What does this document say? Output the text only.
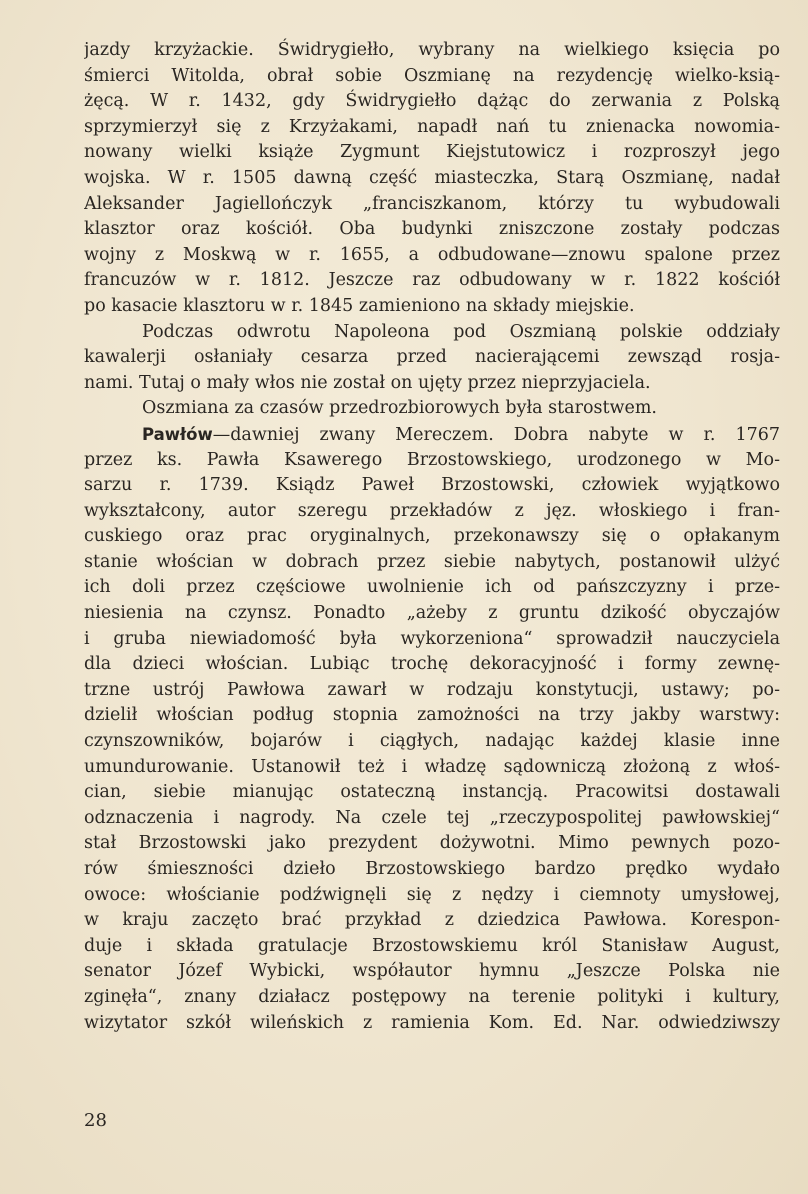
jazdy krzyżackie. Świdrygiełło, wybrany na wielkiego księcia po
śmierci Witolda, obrał sobie Oszmianę na rezydencję wielko-ksią-
żęcą. W r. 1432, gdy Świdrygiełło dążąc do zerwania z Polską
sprzymierzył się z Krzyżakami, napadł nań tu znienacka nowomia-
nowany wielki książe Zygmunt Kiejstutowicz i rozproszył jego
wojska. W r. 1505 dawną część miasteczka, Starą Oszmianę, nadał
Aleksander Jagiellończyk „franciszkanom, którzy tu wybudowali
klasztor oraz kościół. Oba budynki zniszczone zostały podczas
wojny z Moskwą w r. 1655, a odbudowane—znowu spalone przez
francuzów w r. 1812. Jeszcze raz odbudowany w r. 1822 kościół
po kasacie klasztoru w r. 1845 zamieniono na składy miejskie.
Podczas odwrotu Napoleona pod Oszmianą polskie oddziały
kawalerji osłaniały cesarza przed nacierającemi zewsząd rosja-
nami. Tutaj o mały włos nie został on ujęty przez nieprzyjaciela.
Oszmiana za czasów przedrozbiorowych była starostwem.
Pawłów—dawniej zwany Mereczem. Dobra nabyte w r. 1767
przez ks. Pawła Ksawerego Brzostowskiego, urodzonego w Mo-
sarzu r. 1739. Ksiądz Paweł Brzostowski, człowiek wyjątkowo
wykształcony, autor szeregu przekładów z jęz. włoskiego i fran-
cuskiego oraz prac oryginalnych, przekonawszy się o opłakanym
stanie włościan w dobrach przez siebie nabytych, postanowił ulżyć
ich doli przez częściowe uwolnienie ich od pańszczyzny i prze-
niesienia na czynsz. Ponadto „ażeby z gruntu dzikość obyczajów
i gruba niewiadomość była wykorzeniona“ sprowadził nauczyciela
dla dzieci włościan. Lubiąc trochę dekoracyjność i formy zewnę-
trzne ustrój Pawłowa zawarł w rodzaju konstytucji, ustawy; po-
dzielił włościan podług stopnia zamożności na trzy jakby warstwy:
czynszowników, bojarów i ciągłych, nadając każdej klasie inne
umundurowanie. Ustanowił też i władzę sądowniczą złożoną z włoś-
cian, siebie mianując ostateczną instancją. Pracowitsi dostawali
odznaczenia i nagrody. Na czele tej „rzeczypospolitej pawłowskiej“
stał Brzostowski jako prezydent dożywotni. Mimo pewnych pozo-
rów śmieszności dzieło Brzostowskiego bardzo prędko wydało
owoce: włościanie podźwignęli się z nędzy i ciemnoty umysłowej,
w kraju zaczęto brać przykład z dziedzica Pawłowa. Korespon-
duje i składa gratulacje Brzostowskiemu król Stanisław August,
senator Józef Wybicki, współautor hymnu „Jeszcze Polska nie
zginęła“, znany działacz postępowy na terenie polityki i kultury,
wizytator szkół wileńskich z ramienia Kom. Ed. Nar. odwiedziwszy
28
